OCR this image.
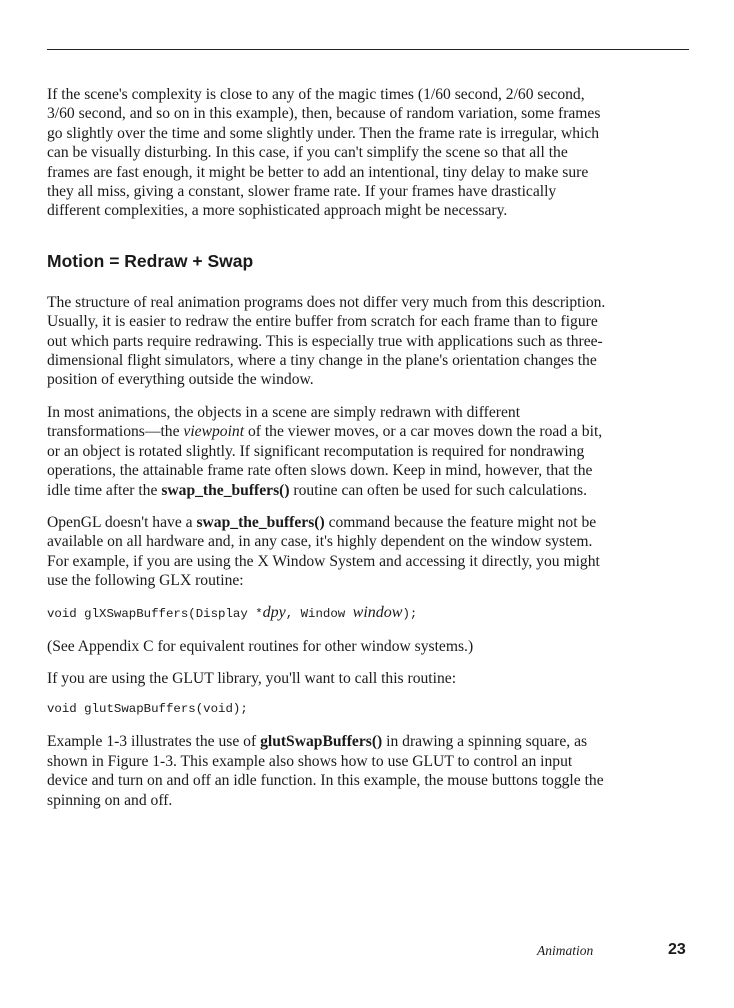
If the scene's complexity is close to any of the magic times (1/60 second, 2/60 second, 3/60 second, and so on in this example), then, because of random variation, some frames go slightly over the time and some slightly under. Then the frame rate is irregular, which can be visually disturbing. In this case, if you can't simplify the scene so that all the frames are fast enough, it might be better to add an intentional, tiny delay to make sure they all miss, giving a constant, slower frame rate. If your frames have drastically different complexities, a more sophisticated approach might be necessary.

Motion = Redraw + Swap

The structure of real animation programs does not differ very much from this description. Usually, it is easier to redraw the entire buffer from scratch for each frame than to figure out which parts require redrawing. This is especially true with applications such as three-dimensional flight simulators, where a tiny change in the plane's orientation changes the position of everything outside the window.

In most animations, the objects in a scene are simply redrawn with different transformations—the viewpoint of the viewer moves, or a car moves down the road a bit, or an object is rotated slightly. If significant recomputation is required for nondrawing operations, the attainable frame rate often slows down. Keep in mind, however, that the idle time after the swap_the_buffers() routine can often be used for such calculations.

OpenGL doesn't have a swap_the_buffers() command because the feature might not be available on all hardware and, in any case, it's highly dependent on the window system. For example, if you are using the X Window System and accessing it directly, you might use the following GLX routine:

void glXSwapBuffers(Display *dpy, Window window);

(See Appendix C for equivalent routines for other window systems.)

If you are using the GLUT library, you'll want to call this routine:

void glutSwapBuffers(void);

Example 1-3 illustrates the use of glutSwapBuffers() in drawing a spinning square, as shown in Figure 1-3. This example also shows how to use GLUT to control an input device and turn on and off an idle function. In this example, the mouse buttons toggle the spinning on and off.

Animation	23
